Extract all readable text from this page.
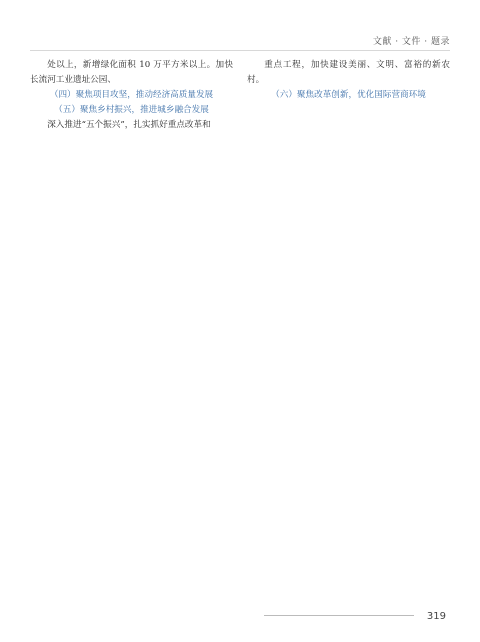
文献 · 文件 · 题录

处以上，新增绿化面积 10 万平方米以上。加快长流河工业遗址公园、

（四）聚焦项目攻坚，推动经济高质量发展

（五）聚焦乡村振兴，推进城乡融合发展

深入推进“五个振兴”，扎实抓好重点改革和

重点工程，加快建设美丽、文明、富裕的新农村。

（六）聚焦改革创新，优化国际营商环境

319
